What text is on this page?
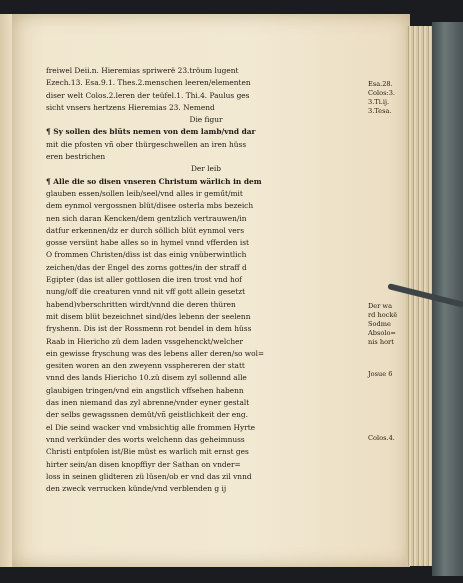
freiwel Deii.n. Hieremias spriwerë 23.tröum lugent
Ezech.13. Esa.9.1. Thes.2.menschen leeren/elementen
diser welt Colos.2.leren der teüfel.1. Thi.4. Paulus ges
sicht vnsers hertzens Hieremias 23. Nemend
Die figur
¶ Sy sollen des blüts nemen von dem lamb/vnd dar
mit die pfosten vñ ober thürgeschwellen an iren hüss
eren bestrichen
Der leib
¶ Alle die so disen vnseren Christum wärlich in dem
glauben essen/sollen leib/seel/vnd alles ir geműt/mit
dem eynmol vergossnen blüt/disee osterla mbs bezeich
nen sich daran Kencken/dem gentzlich vertrauwen/in
datfur erkennen/dz er durch söllich blüt eynmol vers
gosse versünt habe alles so in hymel vnnd vfferden ist
O frommen Christen/diss ist das einig vnüberwintlich
zeichen/das der Engel des zorns gottes/in der straff d
Egipter (das ist aller gottlosen die iren trost vnd hof
nung/off die creaturen vnnd nit vff gott allein gesetzt
habend)vberschritten wirdt/vnnd die deren thüren
mit disem blüt bezeichnet sind/des lebenn der seelenn
fryshenn. Dis ist der Rossmenn rot bendel in dem hüss
Raab in Hiericho zü dem laden vssgehenckt/welcher
ein gewisse fryschung was des lebens aller deren/so wol=
gesiten woren an den zweyenn vssphereren der statt
vnnd des lands Hiericho 10.zü disem zyl sollennd alle
glaubigen tringen/vnd ein angstlich vffsehen habenn
das inen niemand das zyl abrenne/vnder eyner gestalt
der selbs gewagssnen demüt/vñ geistlichkeit der eng.
el Die seind wacker vnd vmbsichtig alle frommen Hyrte
vnnd verkünder des worts welchenn das geheimnuss
Christi entpfolen ist/Bie müst es warlich mit ernst ges
hirter sein/an disen knopffiyr der Sathan on vnder=
loss in seinen glidteren zü lüsen/ob er vnd das zil vnnd
den zweck verrucken künde/vnd verblenden g ij
Esa.28.
Colos:3.
3.Ti.ij.
3.Tesa.
Der wa
rd hockë
Sodme
Absolo=
nis hort
Josue 6
Colos.4.
